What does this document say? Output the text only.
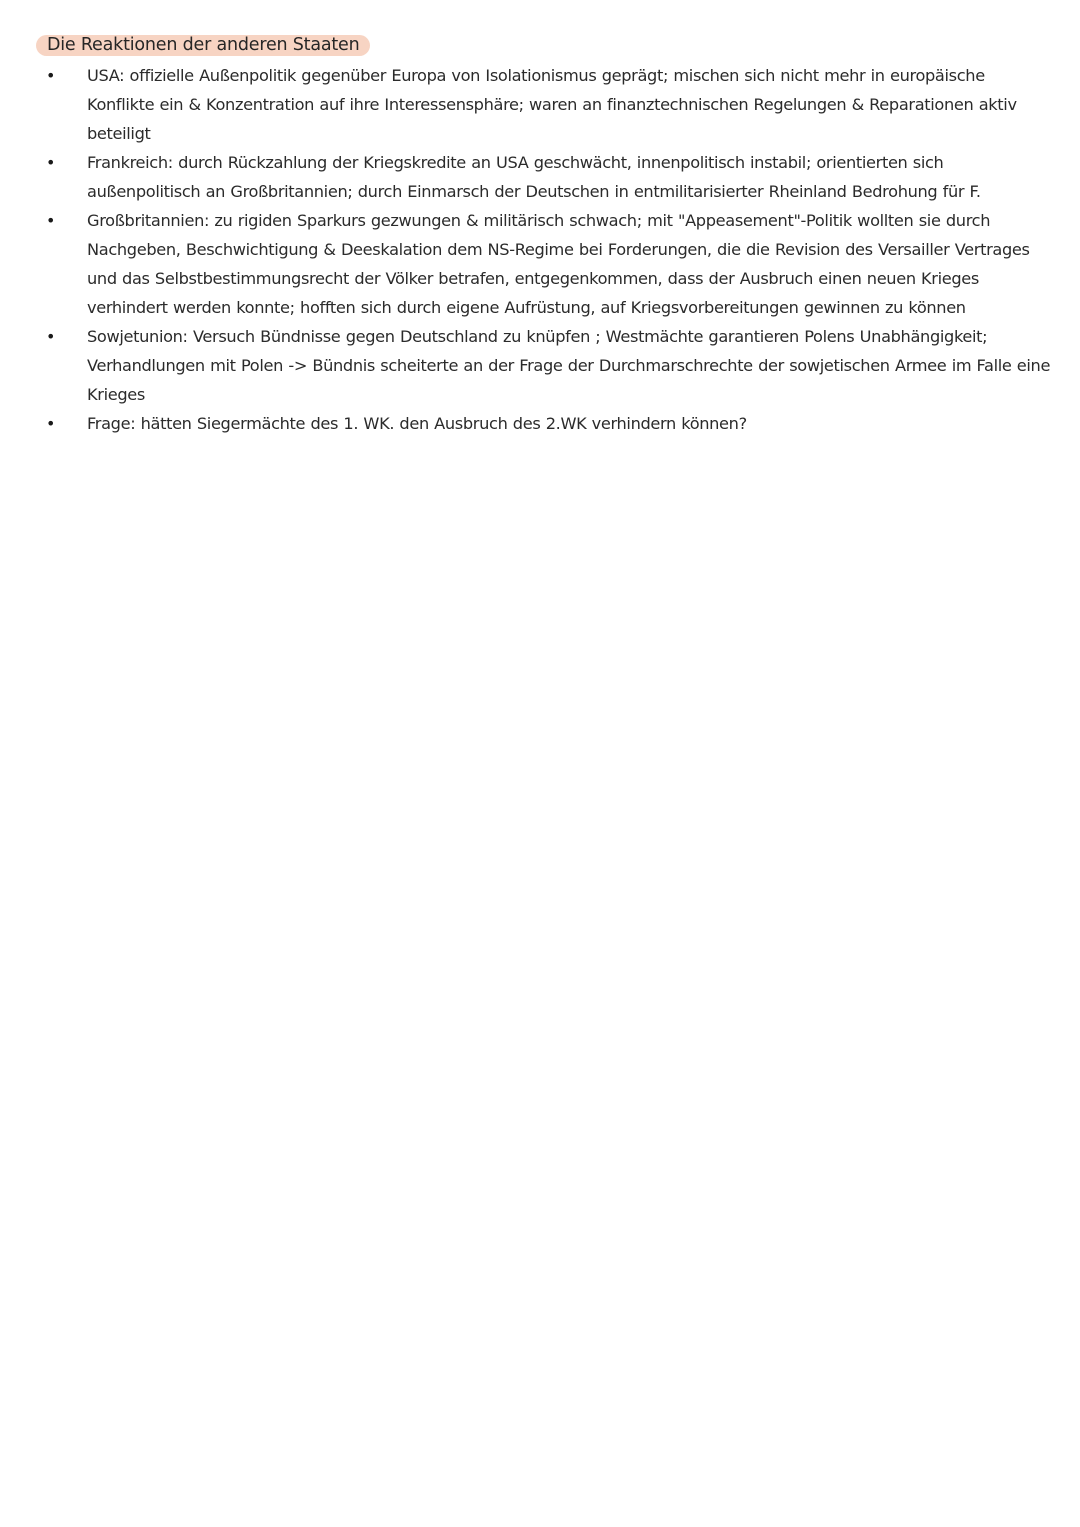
Die Reaktionen der anderen Staaten
• USA: offizielle Außenpolitik gegenüber Europa von Isolationismus geprägt; mischen sich nicht mehr in europäische Konflikte ein & Konzentration auf ihre Interessensphäre; waren an finanztechnischen Regelungen & Reparationen aktiv beteiligt
• Frankreich: durch Rückzahlung der Kriegskredite an USA geschwächt, innenpolitisch instabil; orientierten sich außenpolitisch an Großbritannien; durch Einmarsch der Deutschen in entmilitarisierter Rheinland Bedrohung für F.
• Großbritannien: zu rigiden Sparkurs gezwungen & militärisch schwach; mit "Appeasement"-Politik wollten sie durch Nachgeben, Beschwichtigung & Deeskalation dem NS-Regime bei Forderungen, die die Revision des Versailler Vertrages und das Selbstbestimmungsrecht der Völker betrafen, entgegenkommen, dass der Ausbruch einen neuen Krieges verhindert werden konnte; hofften sich durch eigene Aufrüstung, auf Kriegsvorbereitungen gewinnen zu können
• Sowjetunion: Versuch Bündnisse gegen Deutschland zu knüpfen ; Westmächte garantieren Polens Unabhängigkeit; Verhandlungen mit Polen -> Bündnis scheiterte an der Frage der Durchmarschrechte der sowjetischen Armee im Falle eine Krieges
• Frage: hätten Siegermächte des 1. WK. den Ausbruch des 2.WK verhindern können?
